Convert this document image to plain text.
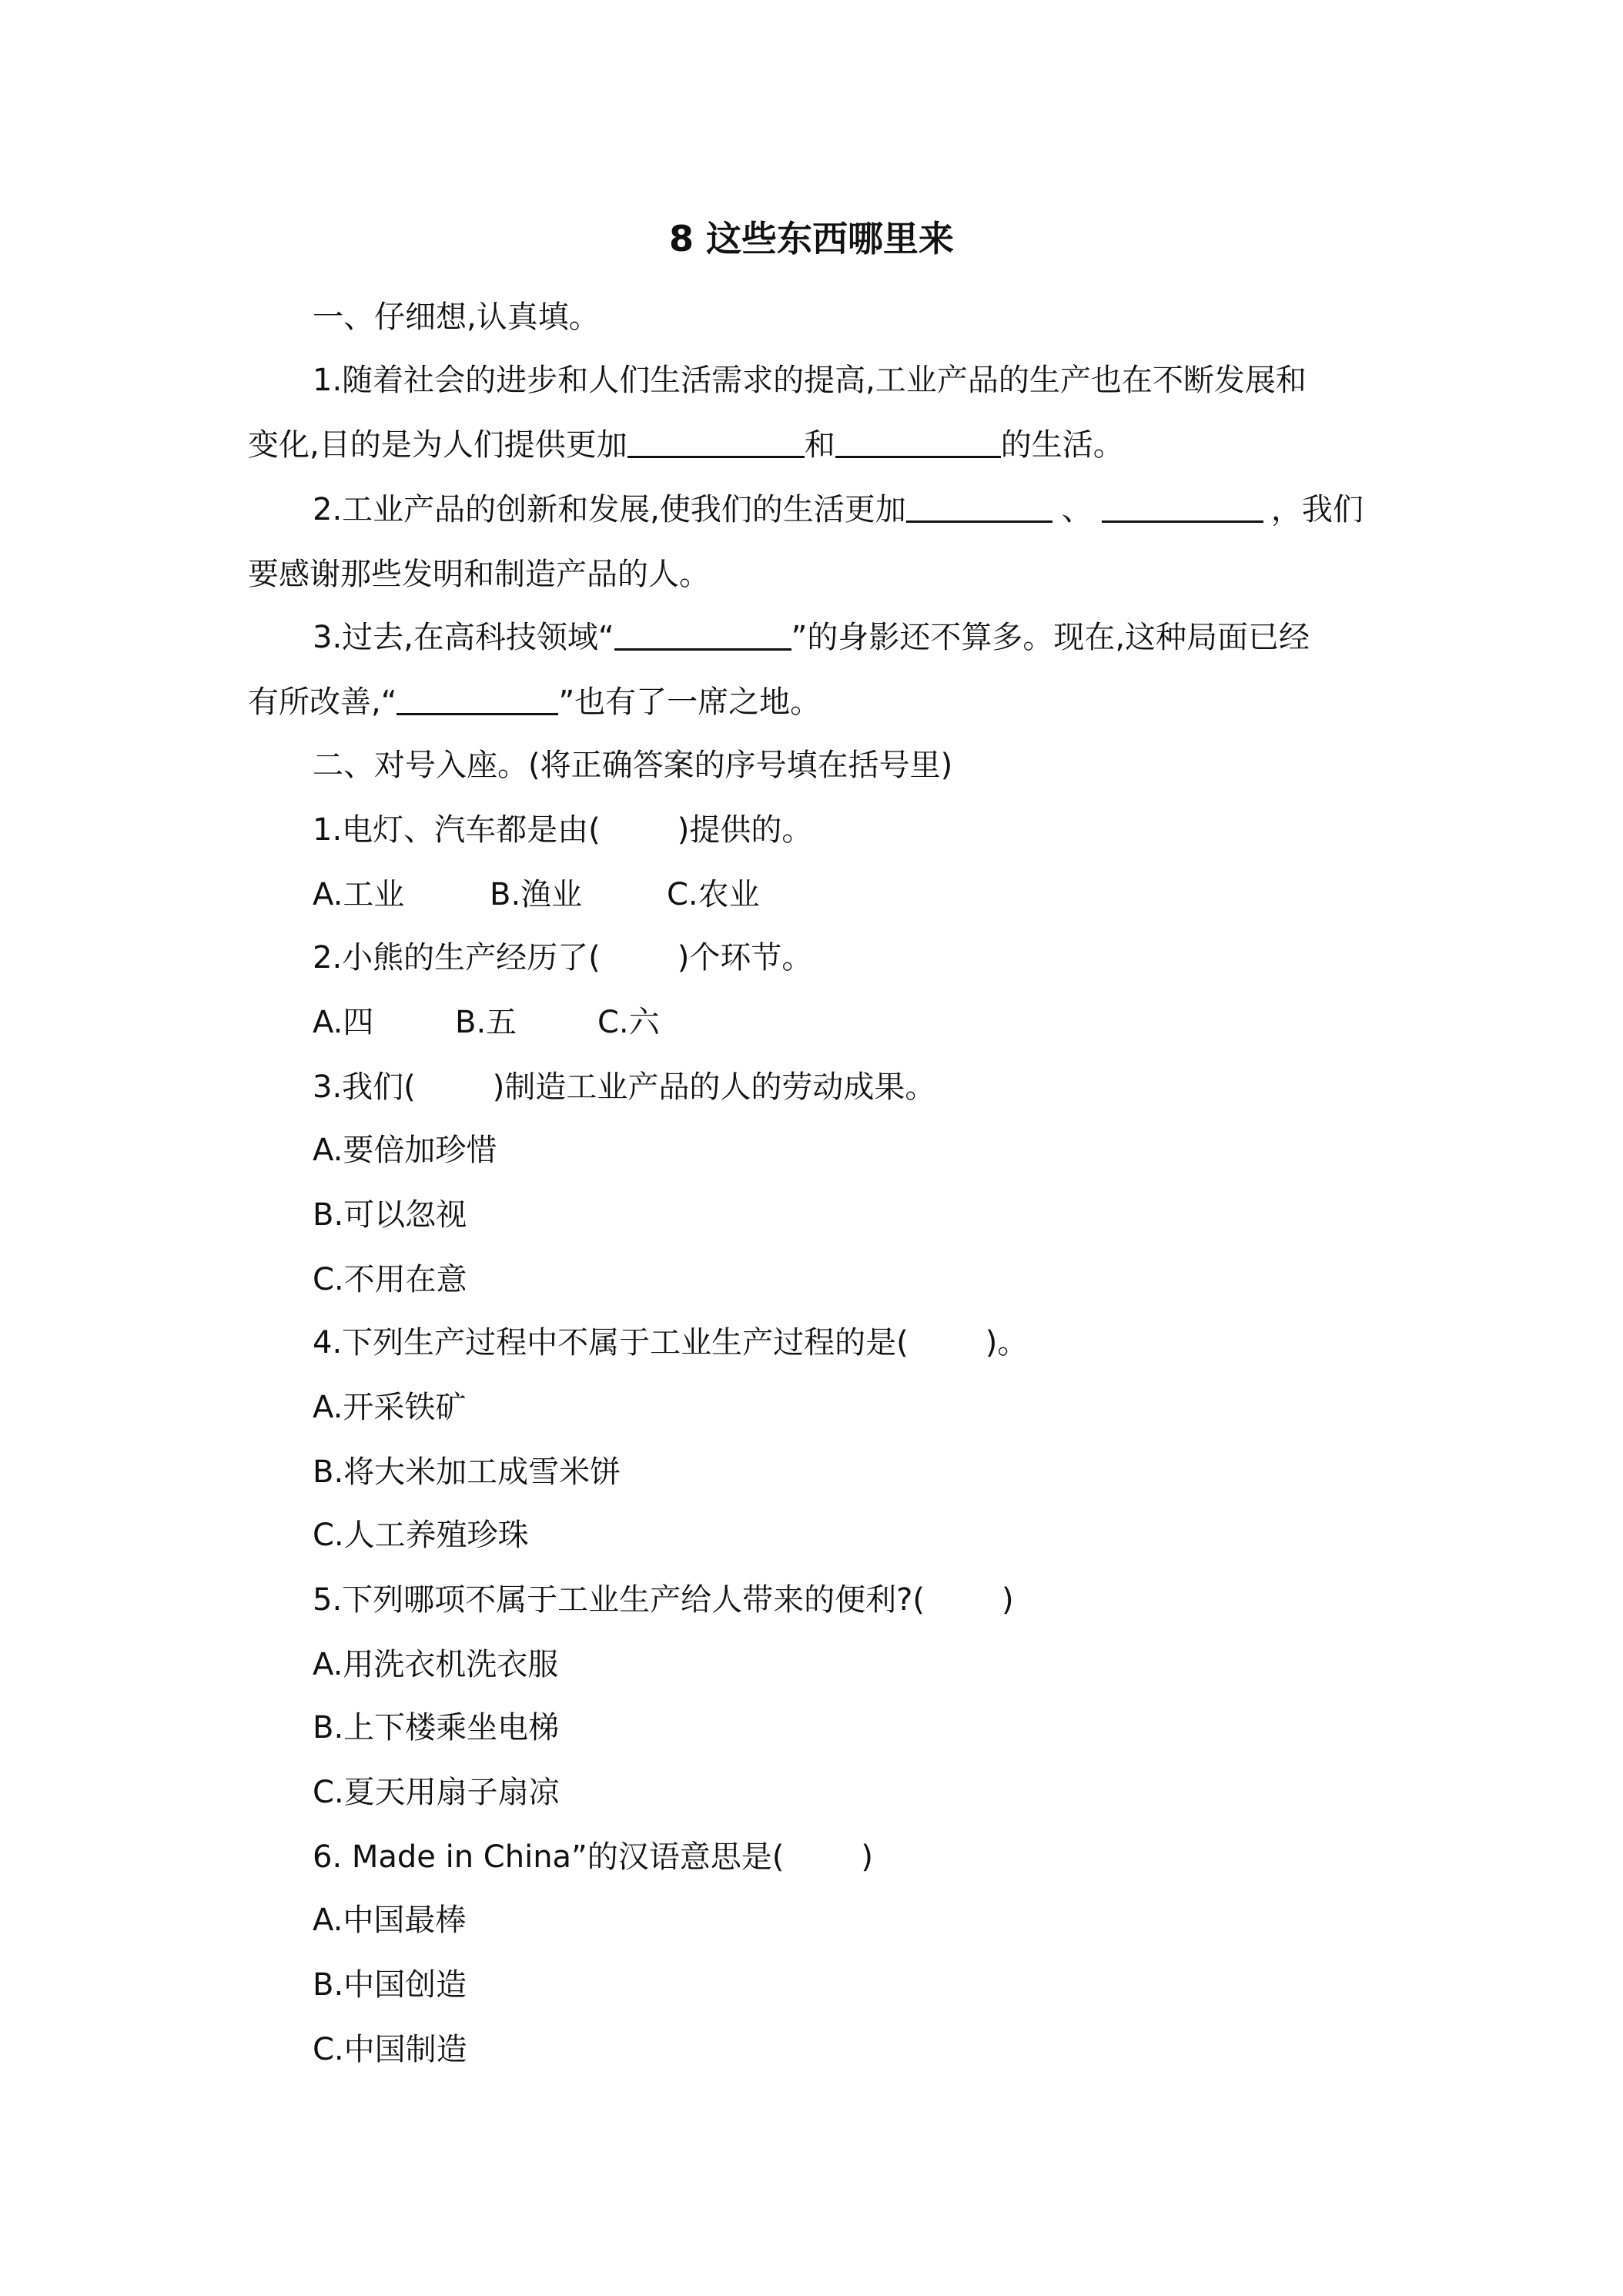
8 这些东西哪里来
一、仔细想,认真填。
1.随着社会的进步和人们生活需求的提高,工业产品的生产也在不断发展和
变化,目的是为人们提供更加	和	的生活。
2.工业产品的创新和发展,使我们的生活更加	、	，我们
要感谢那些发明和制造产品的人。
3.过去,在高科技领域“	”的身影还不算多。现在,这种局面已经
有所改善,“	”也有了一席之地。
二、对号入座。(将正确答案的序号填在括号里)
1.电灯、汽车都是由(	)提供的。
A.工业	B.渔业	C.农业
2.小熊的生产经历了(	)个环节。
A.四	B.五	C.六
3.我们(	)制造工业产品的人的劳动成果。
A.要倍加珍惜
B.可以忽视
C.不用在意
4.下列生产过程中不属于工业生产过程的是(	)。
A.开采铁矿
B.将大米加工成雪米饼
C.人工养殖珍珠
5.下列哪项不属于工业生产给人带来的便利?(	)
A.用洗衣机洗衣服
B.上下楼乘坐电梯
C.夏天用扇子扇凉
6. Made in China”的汉语意思是(	)
A.中国最棒
B.中国创造
C.中国制造
